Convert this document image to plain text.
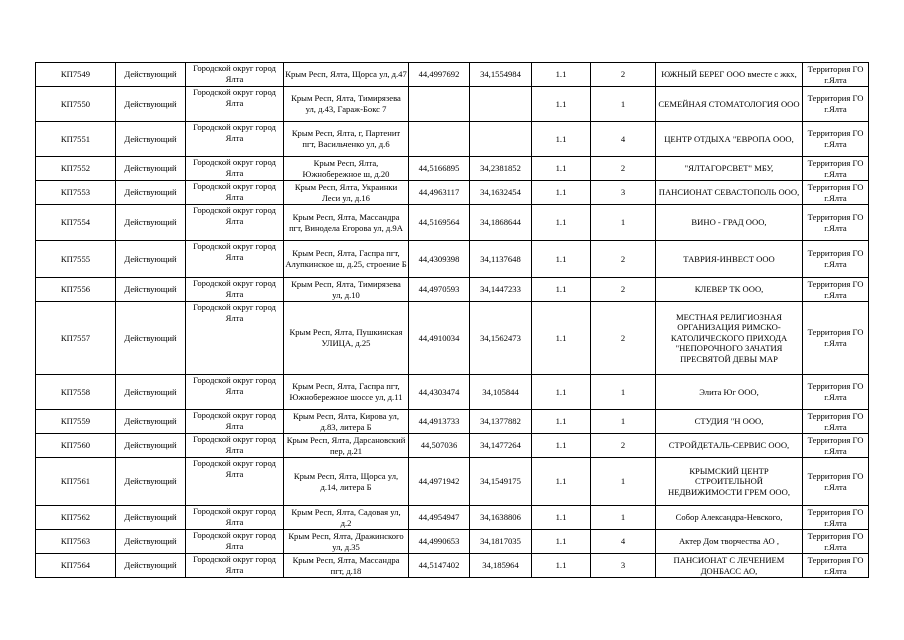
КП7549	Действующий	Городской округ город Ялта	Крым Респ, Ялта, Щорса ул, д.47	44,4997692	34,1554984	1.1	2	ЮЖНЫЙ БЕРЕГ ООО вместе с жкх,	Территория ГО г.Ялта
КП7550	Действующий	Городской округ город Ялта	Крым Респ, Ялта, Тимирязева ул, д.43, Гараж-Бокс 7			1.1	1	СЕМЕЙНАЯ СТОМАТОЛОГИЯ ООО	Территория ГО г.Ялта
КП7551	Действующий	Городской округ город Ялта	Крым Респ, Ялта, г, Партенит пгт, Васильченко ул, д.6			1.1	4	ЦЕНТР ОТДЫХА "ЕВРОПА ООО,	Территория ГО г.Ялта
КП7552	Действующий	Городской округ город Ялта	Крым Респ, Ялта, Южнобережное ш, д.20	44,5166895	34,2381852	1.1	2	"ЯЛТАГОРСВЕТ" МБУ,	Территория ГО г.Ялта
КП7553	Действующий	Городской округ город Ялта	Крым Респ, Ялта, Украинки Леси ул, д.16	44,4963117	34,1632454	1.1	3	ПАНСИОНАТ СЕВАСТОПОЛЬ ООО,	Территория ГО г.Ялта
КП7554	Действующий	Городской округ город Ялта	Крым Респ, Ялта, Массандра пгт, Винодела Егорова ул, д.9А	44,5169564	34,1868644	1.1	1	ВИНО - ГРАД ООО,	Территория ГО г.Ялта
КП7555	Действующий	Городской округ город Ялта	Крым Респ, Ялта, Гаспра пгт, Алупкинское ш, д.25, строение Б	44,4309398	34,1137648	1.1	2	ТАВРИЯ-ИНВЕСТ ООО	Территория ГО г.Ялта
КП7556	Действующий	Городской округ город Ялта	Крым Респ, Ялта, Тимирязева ул, д.10	44,4970593	34,1447233	1.1	2	КЛЕВЕР ТК ООО,	Территория ГО г.Ялта
КП7557	Действующий	Городской округ город Ялта	Крым Респ, Ялта, Пушкинская УЛИЦА, д.25	44,4910034	34,1562473	1.1	2	МЕСТНАЯ РЕЛИГИОЗНАЯ ОРГАНИЗАЦИЯ РИМСКО-КАТОЛИЧЕСКОГО ПРИХОДА "НЕПОРОЧНОГО ЗАЧАТИЯ ПРЕСВЯТОЙ ДЕВЫ МАР	Территория ГО г.Ялта
КП7558	Действующий	Городской округ город Ялта	Крым Респ, Ялта, Гаспра пгт, Южнобережное шоссе ул, д.11	44,4303474	34,105844	1.1	1	Элита Юг ООО,	Территория ГО г.Ялта
КП7559	Действующий	Городской округ город Ялта	Крым Респ, Ялта, Кирова ул, д.83, литера Б	44,4913733	34,1377882	1.1	1	СТУДИЯ "Н ООО,	Территория ГО г.Ялта
КП7560	Действующий	Городской округ город Ялта	Крым Респ, Ялта, Дарсановский пер, д.21	44,507036	34,1477264	1.1	2	СТРОЙДЕТАЛЬ-СЕРВИС ООО,	Территория ГО г.Ялта
КП7561	Действующий	Городской округ город Ялта	Крым Респ, Ялта, Щорса ул, д.14, литера Б	44,4971942	34,1549175	1.1	1	КРЫМСКИЙ ЦЕНТР СТРОИТЕЛЬНОЙ НЕДВИЖИМОСТИ ГРЕМ ООО,	Территория ГО г.Ялта
КП7562	Действующий	Городской округ город Ялта	Крым Респ, Ялта, Садовая ул, д.2	44,4954947	34,1638806	1.1	1	Собор Александра-Невского,	Территория ГО г.Ялта
КП7563	Действующий	Городской округ город Ялта	Крым Респ, Ялта, Дражинского ул, д.35	44,4990653	34,1817035	1.1	4	Актер Дом творчества АО ,	Территория ГО г.Ялта
КП7564	Действующий	Городской округ город Ялта	Крым Респ, Ялта, Массандра пгт, д.18	44,5147402	34,185964	1.1	3	ПАНСИОНАТ С ЛЕЧЕНИЕМ ДОНБАСС АО,	Территория ГО г.Ялта
